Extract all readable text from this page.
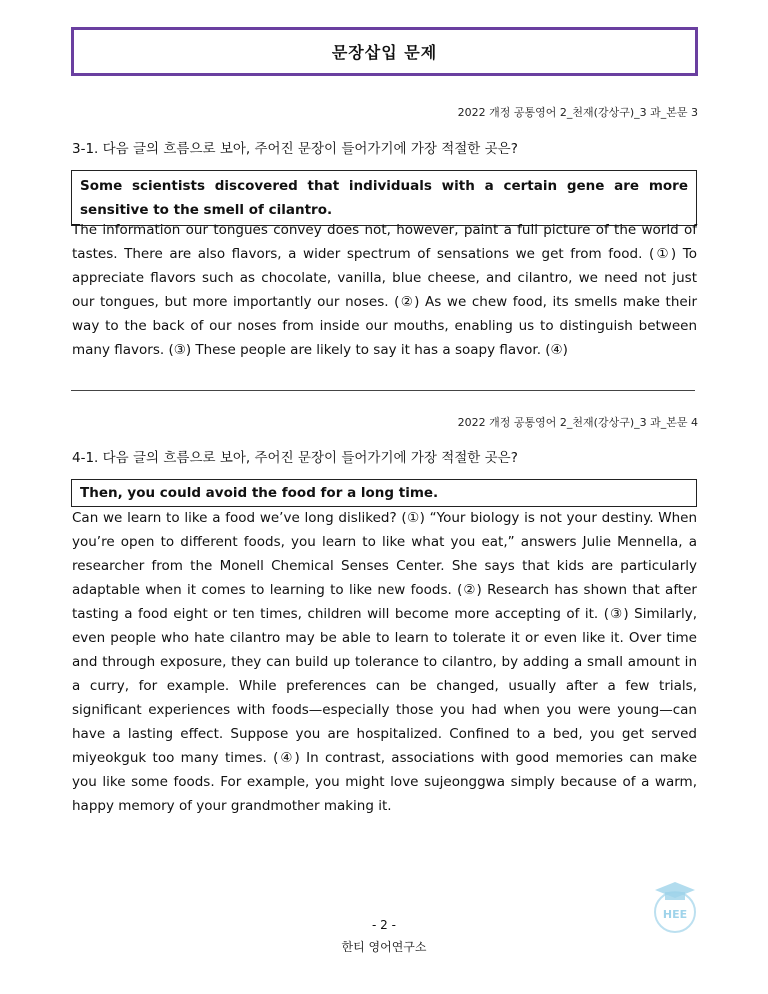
문장삽입 문제
2022 개정 공통영어 2_천재(강상구)_3 과_본문 3
3-1. 다음 글의 흐름으로 보아, 주어진 문장이 들어가기에 가장 적절한 곳은?
Some scientists discovered that individuals with a certain gene are more sensitive to the smell of cilantro.
The information our tongues convey does not, however, paint a full picture of the world of tastes. There are also flavors, a wider spectrum of sensations we get from food. (①) To appreciate flavors such as chocolate, vanilla, blue cheese, and cilantro, we need not just our tongues, but more importantly our noses. (②) As we chew food, its smells make their way to the back of our noses from inside our mouths, enabling us to distinguish between many flavors. (③) These people are likely to say it has a soapy flavor. (④)
2022 개정 공통영어 2_천재(강상구)_3 과_본문 4
4-1. 다음 글의 흐름으로 보아, 주어진 문장이 들어가기에 가장 적절한 곳은?
Then, you could avoid the food for a long time.
Can we learn to like a food we’ve long disliked? (①) “Your biology is not your destiny. When you’re open to different foods, you learn to like what you eat,” answers Julie Mennella, a researcher from the Monell Chemical Senses Center. She says that kids are particularly adaptable when it comes to learning to like new foods. (②) Research has shown that after tasting a food eight or ten times, children will become more accepting of it. (③) Similarly, even people who hate cilantro may be able to learn to tolerate it or even like it. Over time and through exposure, they can build up tolerance to cilantro, by adding a small amount in a curry, for example. While preferences can be changed, usually after a few trials, significant experiences with foods—especially those you had when you were young—can have a lasting effect. Suppose you are hospitalized. Confined to a bed, you get served miyeokguk too many times. (④) In contrast, associations with good memories can make you like some foods. For example, you might love sujeonggwa simply because of a warm, happy memory of your grandmother making it.
- 2 -
한티 영어연구소
HEE
